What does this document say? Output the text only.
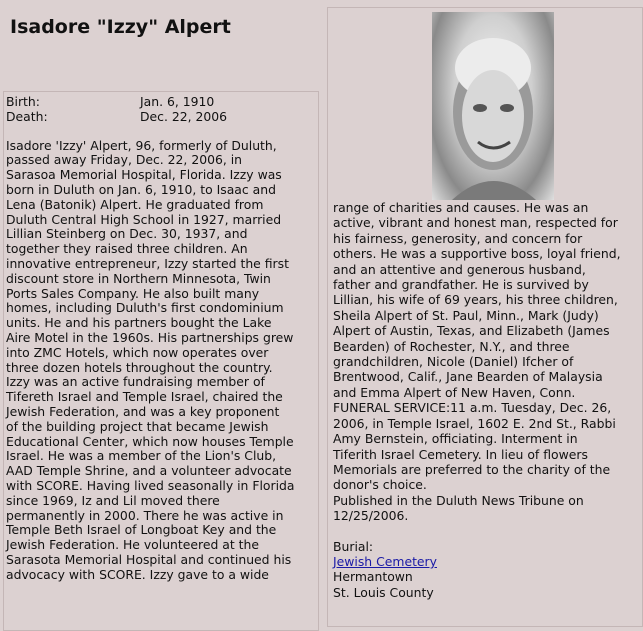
Isadore "Izzy" Alpert
Birth:	Jan. 6, 1910
Death:	Dec. 22, 2006
Isadore 'Izzy' Alpert, 96, formerly of Duluth,
passed away Friday, Dec. 22, 2006, in
Sarasoa Memorial Hospital, Florida. Izzy was
born in Duluth on Jan. 6, 1910, to Isaac and
Lena (Batonik) Alpert. He graduated from
Duluth Central High School in 1927, married
Lillian Steinberg on Dec. 30, 1937, and
together they raised three children. An
innovative entrepreneur, Izzy started the first
discount store in Northern Minnesota, Twin
Ports Sales Company. He also built many
homes, including Duluth's first condominium
units. He and his partners bought the Lake
Aire Motel in the 1960s. His partnerships grew
into ZMC Hotels, which now operates over
three dozen hotels throughout the country.
Izzy was an active fundraising member of
Tifereth Israel and Temple Israel, chaired the
Jewish Federation, and was a key proponent
of the building project that became Jewish
Educational Center, which now houses Temple
Israel. He was a member of the Lion's Club,
AAD Temple Shrine, and a volunteer advocate
with SCORE. Having lived seasonally in Florida
since 1969, Iz and Lil moved there
permanently in 2000. There he was active in
Temple Beth Israel of Longboat Key and the
Jewish Federation. He volunteered at the
Sarasota Memorial Hospital and continued his
advocacy with SCORE. Izzy gave to a wide
range of charities and causes. He was an
active, vibrant and honest man, respected for
his fairness, generosity, and concern for
others. He was a supportive boss, loyal friend,
and an attentive and generous husband,
father and grandfather. He is survived by
Lillian, his wife of 69 years, his three children,
Sheila Alpert of St. Paul, Minn., Mark (Judy)
Alpert of Austin, Texas, and Elizabeth (James
Bearden) of Rochester, N.Y., and three
grandchildren, Nicole (Daniel) Ifcher of
Brentwood, Calif., Jane Bearden of Malaysia
and Emma Alpert of New Haven, Conn.
FUNERAL SERVICE:11 a.m. Tuesday, Dec. 26,
2006, in Temple Israel, 1602 E. 2nd St., Rabbi
Amy Bernstein, officiating. Interment in
Tiferith Israel Cemetery. In lieu of flowers
Memorials are preferred to the charity of the
donor's choice.
Published in the Duluth News Tribune on
12/25/2006.
Burial:
Jewish Cemetery
Hermantown
St. Louis County
